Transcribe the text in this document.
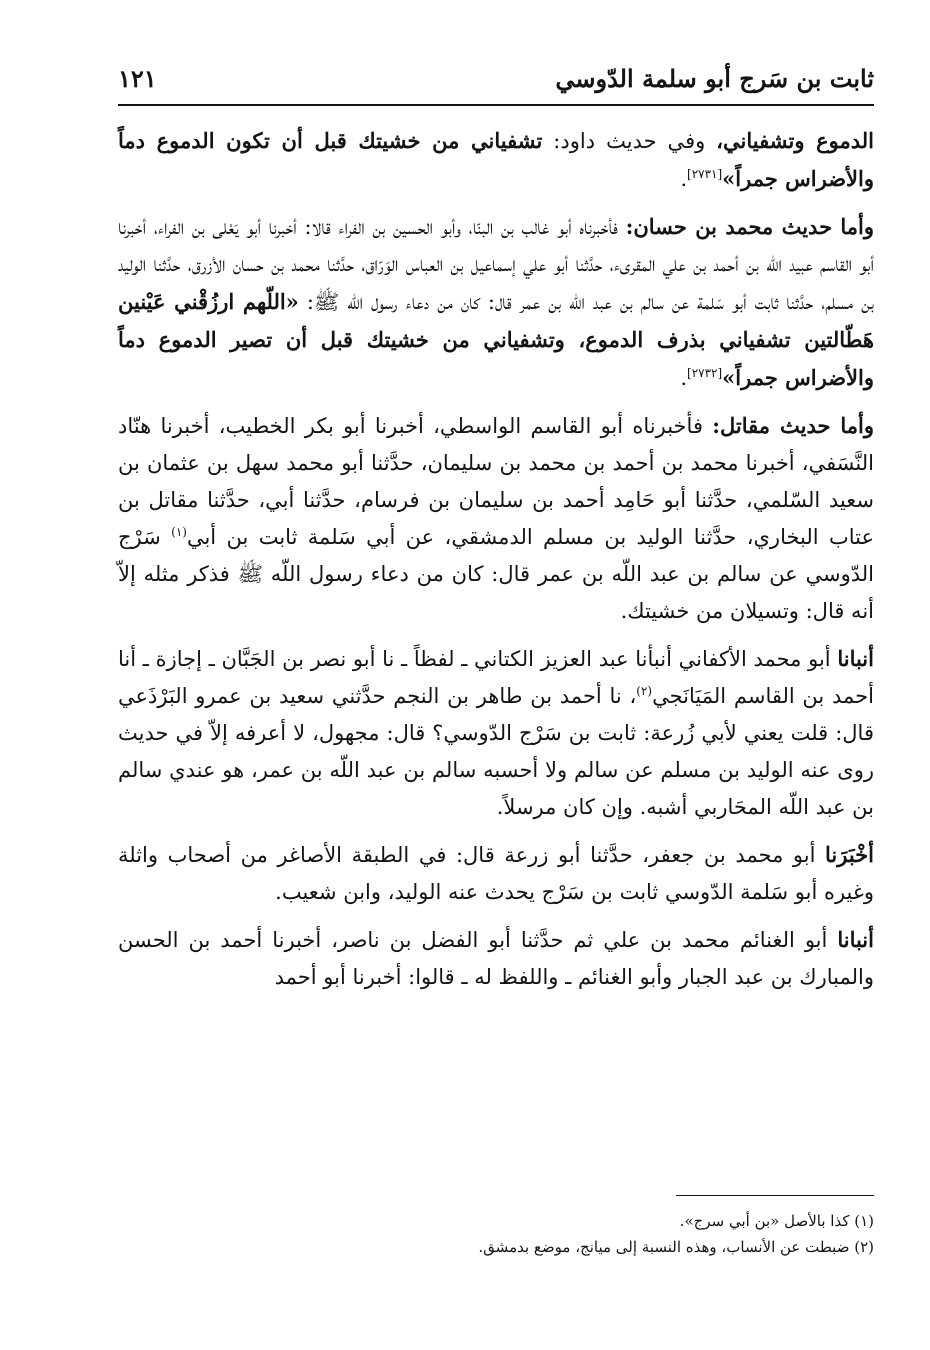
ثابت بن سَرج أبو سلمة الدّوسي
١٢١

الدموع وتشفياني، وفي حديث داود: تشفياني من خشيتك قبل أن تكون الدموع دماً والأضراس جمراً»[٢٧٣١].

وأما حديث محمد بن حسان: فأخبرناه أبو غالب بن البنّا، وأبو الحسين بن الفراء قالا: أخبرنا أبو يَعْلى بن الفراء، أخبرنا أبو القاسم عبيد اللّه بن أحمد بن علي المقرىء، حدَّثنا أبو علي إسماعيل بن العباس الوَرّاق، حدَّثنا محمد بن حسان الأزرق، حدَّثنا الوليد بن مسلم، حدَّثنا ثابت أبو سَلمة عن سالم بن عبد اللّه بن عمر قال: كان من دعاء رسول اللّه ﷺ: «اللّهم ارزُقْني عَيْنين هَطّالتين تشفياني بذرف الدموع، وتشفياني من خشيتك قبل أن تصير الدموع دماً والأضراس جمراً»[٢٧٣٢].

وأما حديث مقاتل: فأخبرناه أبو القاسم الواسطي، أخبرنا أبو بكر الخطيب، أخبرنا هنّاد النَّسَفي، أخبرنا محمد بن أحمد بن محمد بن سليمان، حدَّثنا أبو محمد سهل بن عثمان بن سعيد السّلمي، حدَّثنا أبو حَامِد أحمد بن سليمان بن فرسام، حدَّثنا أبي، حدَّثنا مقاتل بن عتاب البخاري، حدَّثنا الوليد بن مسلم الدمشقي، عن أبي سَلمة ثابت بن أبي$^{(١)}$ سَرْج الدّوسي عن سالم بن عبد اللّه بن عمر قال: كان من دعاء رسول اللّه ﷺ فذكر مثله إلاّ أنه قال: وتسيلان من خشيتك.

أنبانا أبو محمد الأكفاني أنبأنا عبد العزيز الكتاني ـ لفظاً ـ نا أبو نصر بن الجَبَّان ـ إجازة ـ أنا أحمد بن القاسم المَيَانَجي$^{(٢)}$، نا أحمد بن طاهر بن النجم حدَّثني سعيد بن عمرو البَرْذَعي قال: قلت يعني لأبي زُرعة: ثابت بن سَرْج الدّوسي؟ قال: مجهول، لا أعرفه إلاّ في حديث روى عنه الوليد بن مسلم عن سالم ولا أحسبه سالم بن عبد اللّه بن عمر، هو عندي سالم بن عبد اللّه المحَاربي أشبه. وإن كان مرسلاً.

أخْبَرَنا أبو محمد بن جعفر، حدَّثنا أبو زرعة قال: في الطبقة الأصاغر من أصحاب واثلة وغيره أبو سَلمة الدّوسي ثابت بن سَرْج يحدث عنه الوليد، وابن شعيب.

أنبانا أبو الغنائم محمد بن علي ثم حدَّثنا أبو الفضل بن ناصر، أخبرنا أحمد بن الحسن والمبارك بن عبد الجبار وأبو الغنائم ـ واللفظ له ـ قالوا: أخبرنا أبو أحمد

(١) كذا بالأصل «بن أبي سرج».

(٢) ضبطت عن الأنساب، وهذه النسبة إلى ميانج، موضع بدمشق.
